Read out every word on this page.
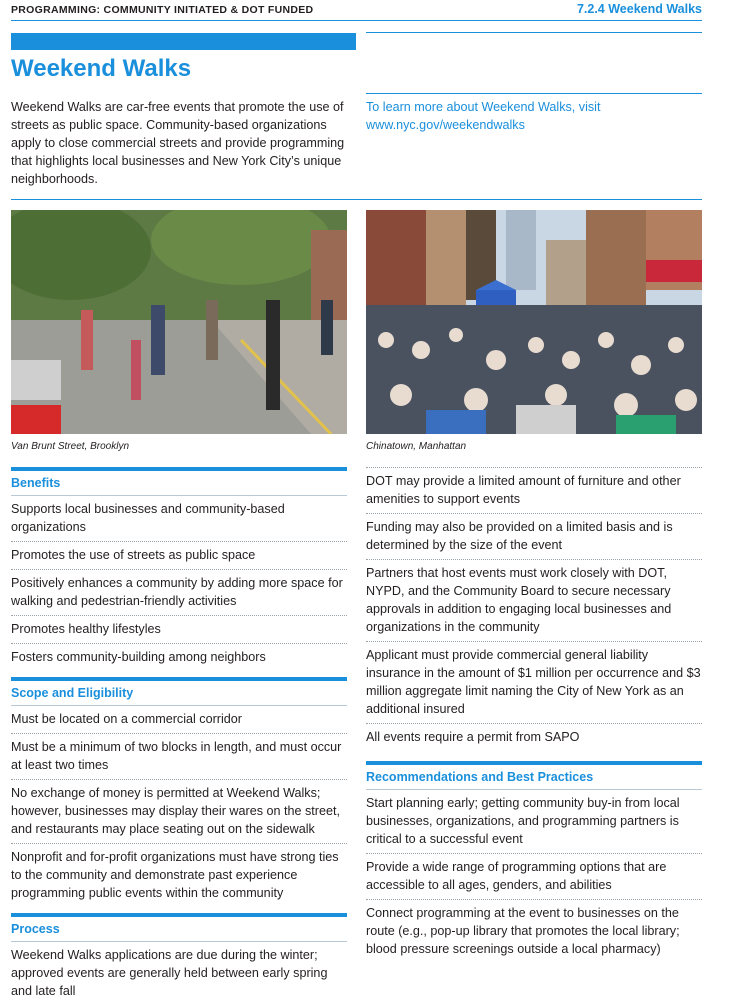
PROGRAMMING: COMMUNITY INITIATED & DOT FUNDED	7.2.4 Weekend Walks
Weekend Walks
Weekend Walks are car-free events that promote the use of streets as public space. Community-based organizations apply to close commercial streets and provide programming that highlights local businesses and New York City’s unique neighborhoods.
To learn more about Weekend Walks, visit
www.nyc.gov/weekendwalks
Van Brunt Street, Brooklyn	Chinatown, Manhattan
Benefits
Supports local businesses and community-based organizations
Promotes the use of streets as public space
Positively enhances a community by adding more space for walking and pedestrian-friendly activities
Promotes healthy lifestyles
Fosters community-building among neighbors
Scope and Eligibility
Must be located on a commercial corridor
Must be a minimum of two blocks in length, and must occur at least two times
No exchange of money is permitted at Weekend Walks; however, businesses may display their wares on the street, and restaurants may place seating out on the sidewalk
Nonprofit and for-profit organizations must have strong ties to the community and demonstrate past experience programming public events within the community
Process
Weekend Walks applications are due during the winter; approved events are generally held between early spring and late fall
DOT may provide a limited amount of furniture and other amenities to support events
Funding may also be provided on a limited basis and is determined by the size of the event
Partners that host events must work closely with DOT, NYPD, and the Community Board to secure necessary approvals in addition to engaging local businesses and organizations in the community
Applicant must provide commercial general liability insurance in the amount of $1 million per occurrence and $3 million aggregate limit naming the City of New York as an additional insured
All events require a permit from SAPO
Recommendations and Best Practices
Start planning early; getting community buy-in from local businesses, organizations, and programming partners is critical to a successful event
Provide a wide range of programming options that are accessible to all ages, genders, and abilities
Connect programming at the event to businesses on the route (e.g., pop-up library that promotes the local library; blood pressure screenings outside a local pharmacy)
